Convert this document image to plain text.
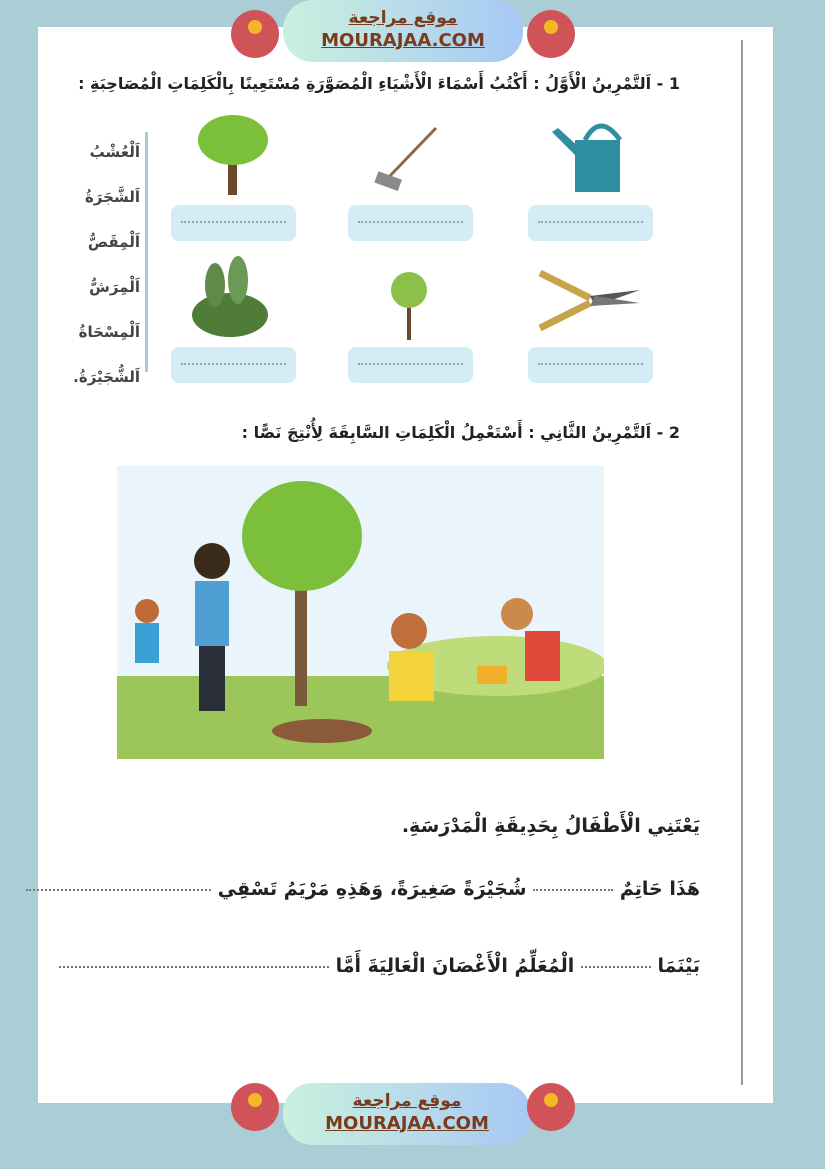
موقع مراجعة
MOURAJAA.COM
1 - اَلتَّمْرِينُ الْأَوَّلُ : أَكْتُبُ أَسْمَاءَ الْأَشْيَاءِ الْمُصَوَّرَةِ مُسْتَعِينًا بِالْكَلِمَاتِ الْمُصَاحِبَةِ :
اَلْعُشْبُ
اَلشَّجَرَةُ
اَلْمِقَصُّ
اَلْمِرَشُّ
اَلْمِسْحَاةُ
اَلشُّجَيْرَةُ.
2 - اَلتَّمْرِينُ الثَّانِي : أَسْتَعْمِلُ الْكَلِمَاتِ السَّابِقَةَ لِأُنْتِجَ نَصًّا :
يَعْتَنِي الْأَطْفَالُ بِحَدِيقَةِ الْمَدْرَسَةِ.
هَذَا حَاتِمٌ  شُجَيْرَةً صَغِيرَةً، وَهَذِهِ مَرْيَمُ تَسْقِي
بَيْنَمَا  الْمُعَلِّمُ الْأَغْصَانَ الْعَالِيَةَ أَمَّا
موقع مراجعة
MOURAJAA.COM
